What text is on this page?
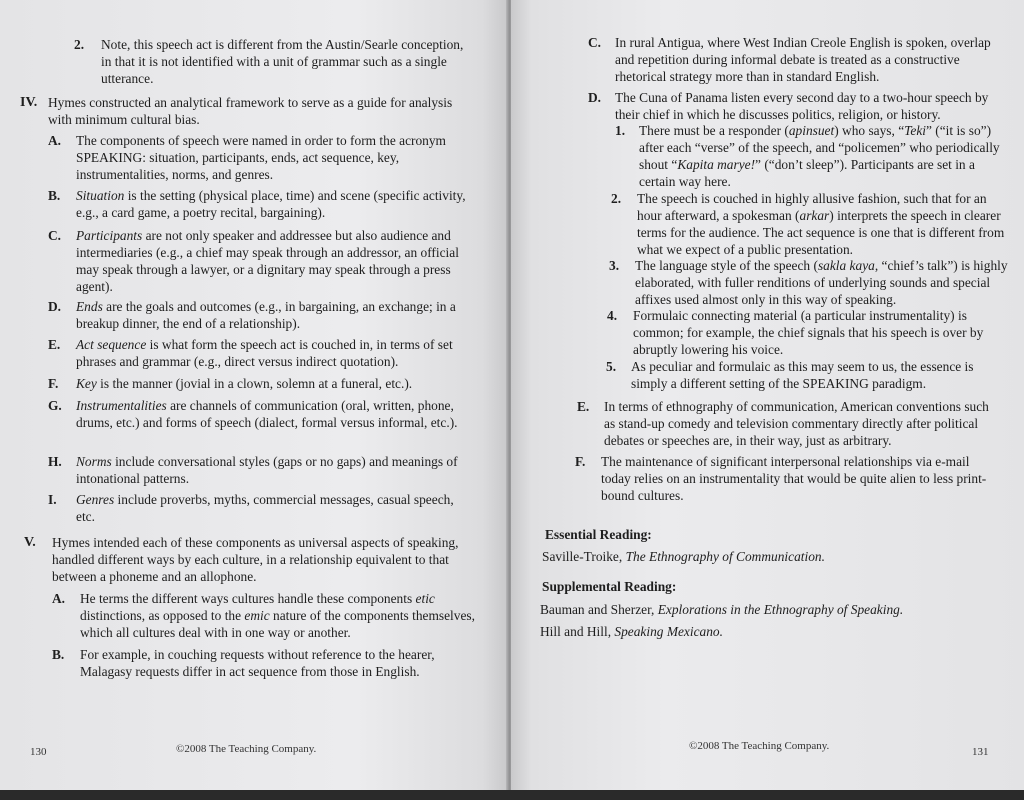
2. Note, this speech act is different from the Austin/Searle conception, in that it is not identified with a unit of grammar such as a single utterance.
IV. Hymes constructed an analytical framework to serve as a guide for analysis with minimum cultural bias.
A. The components of speech were named in order to form the acronym SPEAKING: situation, participants, ends, act sequence, key, instrumentalities, norms, and genres.
B. Situation is the setting (physical place, time) and scene (specific activity, e.g., a card game, a poetry recital, bargaining).
C. Participants are not only speaker and addressee but also audience and intermediaries (e.g., a chief may speak through an addressor, an official may speak through a lawyer, or a dignitary may speak through a press agent).
D. Ends are the goals and outcomes (e.g., in bargaining, an exchange; in a breakup dinner, the end of a relationship).
E. Act sequence is what form the speech act is couched in, in terms of set phrases and grammar (e.g., direct versus indirect quotation).
F. Key is the manner (jovial in a clown, solemn at a funeral, etc.).
G. Instrumentalities are channels of communication (oral, written, phone, drums, etc.) and forms of speech (dialect, formal versus informal, etc.).
H. Norms include conversational styles (gaps or no gaps) and meanings of intonational patterns.
I. Genres include proverbs, myths, commercial messages, casual speech, etc.
V. Hymes intended each of these components as universal aspects of speaking, handled different ways by each culture, in a relationship equivalent to that between a phoneme and an allophone.
A. He terms the different ways cultures handle these components etic distinctions, as opposed to the emic nature of the components themselves, which all cultures deal with in one way or another.
B. For example, in couching requests without reference to the hearer, Malagasy requests differ in act sequence from those in English.
130	©2008 The Teaching Company.
C. In rural Antigua, where West Indian Creole English is spoken, overlap and repetition during informal debate is treated as a constructive rhetorical strategy more than in standard English.
D. The Cuna of Panama listen every second day to a two-hour speech by their chief in which he discusses politics, religion, or history.
1. There must be a responder (apinsuet) who says, “Teki” (“it is so”) after each “verse” of the speech, and “policemen” who periodically shout “Kapita marye!” (“don’t sleep”). Participants are set in a certain way here.
2. The speech is couched in highly allusive fashion, such that for an hour afterward, a spokesman (arkar) interprets the speech in clearer terms for the audience. The act sequence is one that is different from what we expect of a public presentation.
3. The language style of the speech (sakla kaya, “chief’s talk”) is highly elaborated, with fuller renditions of underlying sounds and special affixes used almost only in this way of speaking.
4. Formulaic connecting material (a particular instrumentality) is common; for example, the chief signals that his speech is over by abruptly lowering his voice.
5. As peculiar and formulaic as this may seem to us, the essence is simply a different setting of the SPEAKING paradigm.
E. In terms of ethnography of communication, American conventions such as stand-up comedy and television commentary directly after political debates or speeches are, in their way, just as arbitrary.
F. The maintenance of significant interpersonal relationships via e-mail today relies on an instrumentality that would be quite alien to less print-bound cultures.
Essential Reading:
Saville-Troike, The Ethnography of Communication.
Supplemental Reading:
Bauman and Sherzer, Explorations in the Ethnography of Speaking.
Hill and Hill, Speaking Mexicano.
©2008 The Teaching Company.	131
